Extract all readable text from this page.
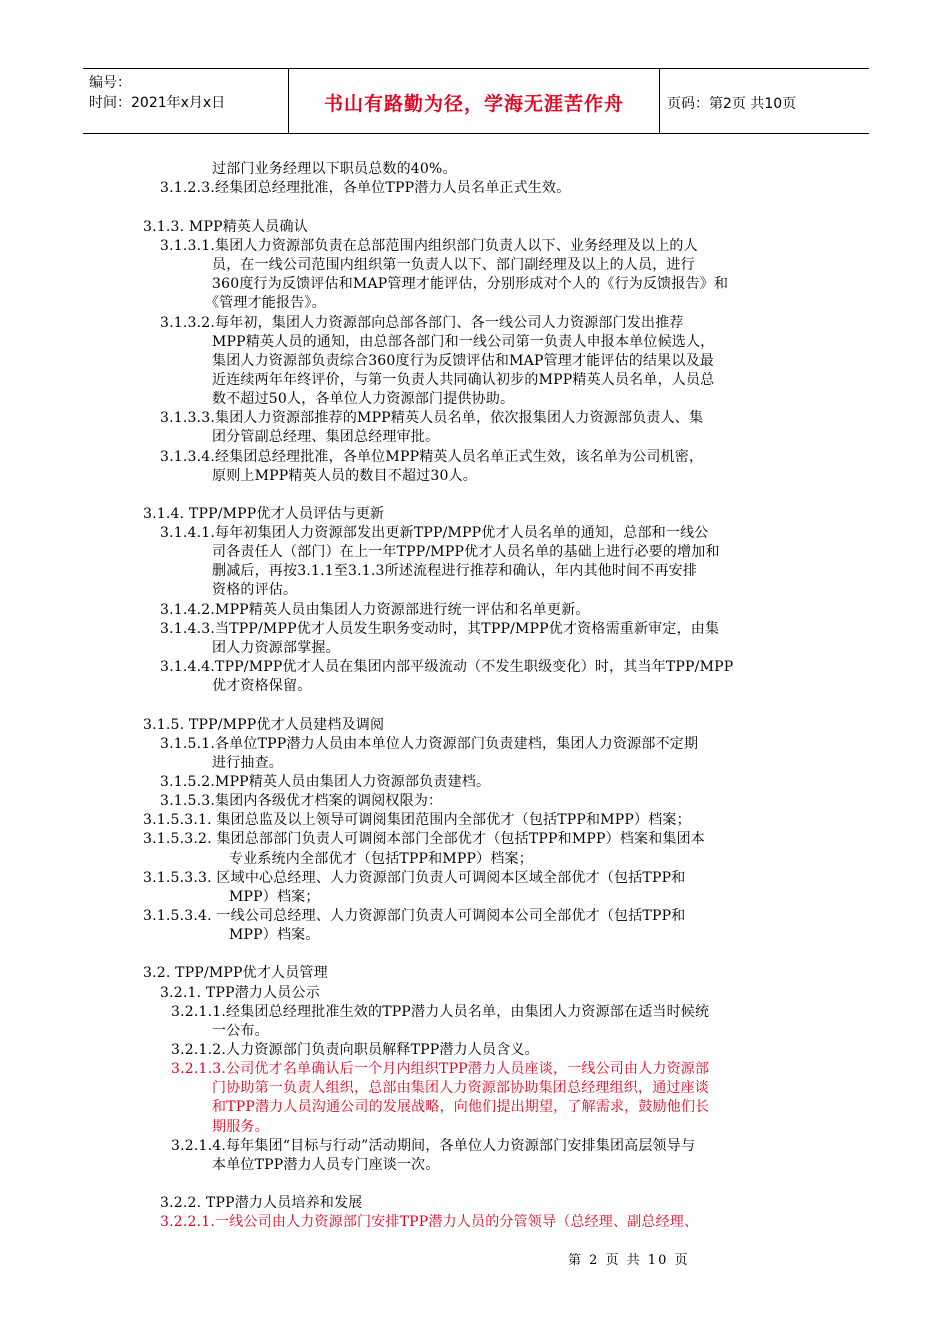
编号：
时间：2021年x月x日	书山有路勤为径，学海无涯苦作舟	页码：第2页 共10页
过部门业务经理以下职员总数的40%。
3.1.2.3.经集团总经理批准，各单位TPP潜力人员名单正式生效。
3.1.3. MPP精英人员确认
3.1.3.1.集团人力资源部负责在总部范围内组织部门负责人以下、业务经理及以上的人
员，在一线公司范围内组织第一负责人以下、部门副经理及以上的人员，进行
360度行为反馈评估和MAP管理才能评估，分别形成对个人的《行为反馈报告》和
《管理才能报告》。
3.1.3.2.每年初，集团人力资源部向总部各部门、各一线公司人力资源部门发出推荐
MPP精英人员的通知，由总部各部门和一线公司第一负责人申报本单位候选人，
集团人力资源部负责综合360度行为反馈评估和MAP管理才能评估的结果以及最
近连续两年年终评价，与第一负责人共同确认初步的MPP精英人员名单，人员总
数不超过50人，各单位人力资源部门提供协助。
3.1.3.3.集团人力资源部推荐的MPP精英人员名单，依次报集团人力资源部负责人、集
团分管副总经理、集团总经理审批。
3.1.3.4.经集团总经理批准，各单位MPP精英人员名单正式生效，该名单为公司机密，
原则上MPP精英人员的数目不超过30人。
3.1.4. TPP/MPP优才人员评估与更新
3.1.4.1.每年初集团人力资源部发出更新TPP/MPP优才人员名单的通知，总部和一线公
司各责任人（部门）在上一年TPP/MPP优才人员名单的基础上进行必要的增加和
删减后，再按3.1.1至3.1.3所述流程进行推荐和确认，年内其他时间不再安排
资格的评估。
3.1.4.2.MPP精英人员由集团人力资源部进行统一评估和名单更新。
3.1.4.3.当TPP/MPP优才人员发生职务变动时，其TPP/MPP优才资格需重新审定，由集
团人力资源部掌握。
3.1.4.4.TPP/MPP优才人员在集团内部平级流动（不发生职级变化）时，其当年TPP/MPP
优才资格保留。
3.1.5. TPP/MPP优才人员建档及调阅
3.1.5.1.各单位TPP潜力人员由本单位人力资源部门负责建档，集团人力资源部不定期
进行抽查。
3.1.5.2.MPP精英人员由集团人力资源部负责建档。
3.1.5.3.集团内各级优才档案的调阅权限为：
3.1.5.3.1. 集团总监及以上领导可调阅集团范围内全部优才（包括TPP和MPP）档案；
3.1.5.3.2. 集团总部部门负责人可调阅本部门全部优才（包括TPP和MPP）档案和集团本
专业系统内全部优才（包括TPP和MPP）档案；
3.1.5.3.3. 区域中心总经理、人力资源部门负责人可调阅本区域全部优才（包括TPP和
MPP）档案；
3.1.5.3.4. 一线公司总经理、人力资源部门负责人可调阅本公司全部优才（包括TPP和
MPP）档案。
3.2. TPP/MPP优才人员管理
3.2.1. TPP潜力人员公示
3.2.1.1.经集团总经理批准生效的TPP潜力人员名单，由集团人力资源部在适当时候统
一公布。
3.2.1.2.人力资源部门负责向职员解释TPP潜力人员含义。
3.2.1.3.公司优才名单确认后一个月内组织TPP潜力人员座谈，一线公司由人力资源部
门协助第一负责人组织，总部由集团人力资源部协助集团总经理组织，通过座谈
和TPP潜力人员沟通公司的发展战略，向他们提出期望，了解需求，鼓励他们长
期服务。
3.2.1.4.每年集团“目标与行动”活动期间，各单位人力资源部门安排集团高层领导与
本单位TPP潜力人员专门座谈一次。
3.2.2. TPP潜力人员培养和发展
3.2.2.1.一线公司由人力资源部门安排TPP潜力人员的分管领导（总经理、副总经理、
第 2 页 共 10 页
